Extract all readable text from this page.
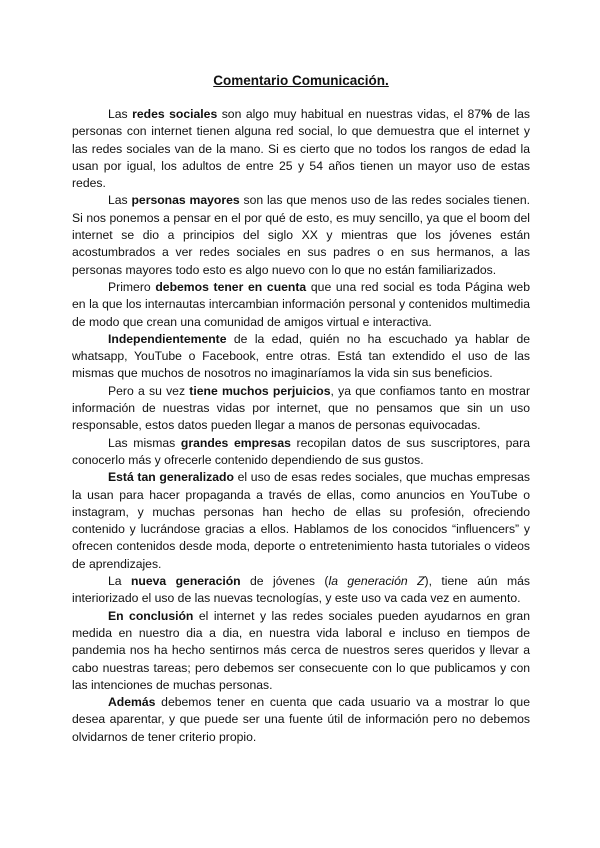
Comentario Comunicación.

Las redes sociales son algo muy habitual en nuestras vidas, el 87% de las personas con internet tienen alguna red social, lo que demuestra que el internet y las redes sociales van de la mano. Si es cierto que no todos los rangos de edad la usan por igual, los adultos de entre 25 y 54 años tienen un mayor uso de estas redes.

Las personas mayores son las que menos uso de las redes sociales tienen. Si nos ponemos a pensar en el por qué de esto, es muy sencillo, ya que el boom del internet se dio a principios del siglo XX y mientras que los jóvenes están acostumbrados a ver redes sociales en sus padres o en sus hermanos, a las personas mayores todo esto es algo nuevo con lo que no están familiarizados.

Primero debemos tener en cuenta que una red social es toda Página web en la que los internautas intercambian información personal y contenidos multimedia de modo que crean una comunidad de amigos virtual e interactiva.

Independientemente de la edad, quién no ha escuchado ya hablar de whatsapp, YouTube o Facebook, entre otras. Está tan extendido el uso de las mismas que muchos de nosotros no imaginaríamos la vida sin sus beneficios.

Pero a su vez tiene muchos perjuicios, ya que confiamos tanto en mostrar información de nuestras vidas por internet, que no pensamos que sin un uso responsable, estos datos pueden llegar a manos de personas equivocadas.

Las mismas grandes empresas recopilan datos de sus suscriptores, para conocerlo más y ofrecerle contenido dependiendo de sus gustos.

Está tan generalizado el uso de esas redes sociales, que muchas empresas la usan para hacer propaganda a través de ellas, como anuncios en YouTube o instagram, y muchas personas han hecho de ellas su profesión, ofreciendo contenido y lucrándose gracias a ellos. Hablamos de los conocidos “influencers” y ofrecen contenidos desde moda, deporte o entretenimiento hasta tutoriales o videos de aprendizajes.

La nueva generación de jóvenes (la generación Z), tiene aún más interiorizado el uso de las nuevas tecnologías, y este uso va cada vez en aumento.

En conclusión el internet y las redes sociales pueden ayudarnos en gran medida en nuestro dia a dia, en nuestra vida laboral e incluso en tiempos de pandemia nos ha hecho sentirnos más cerca de nuestros seres queridos y llevar a cabo nuestras tareas; pero debemos ser consecuente con lo que publicamos y con las intenciones de muchas personas.

Además debemos tener en cuenta que cada usuario va a mostrar lo que desea aparentar, y que puede ser una fuente útil de información pero no debemos olvidarnos de tener criterio propio.
